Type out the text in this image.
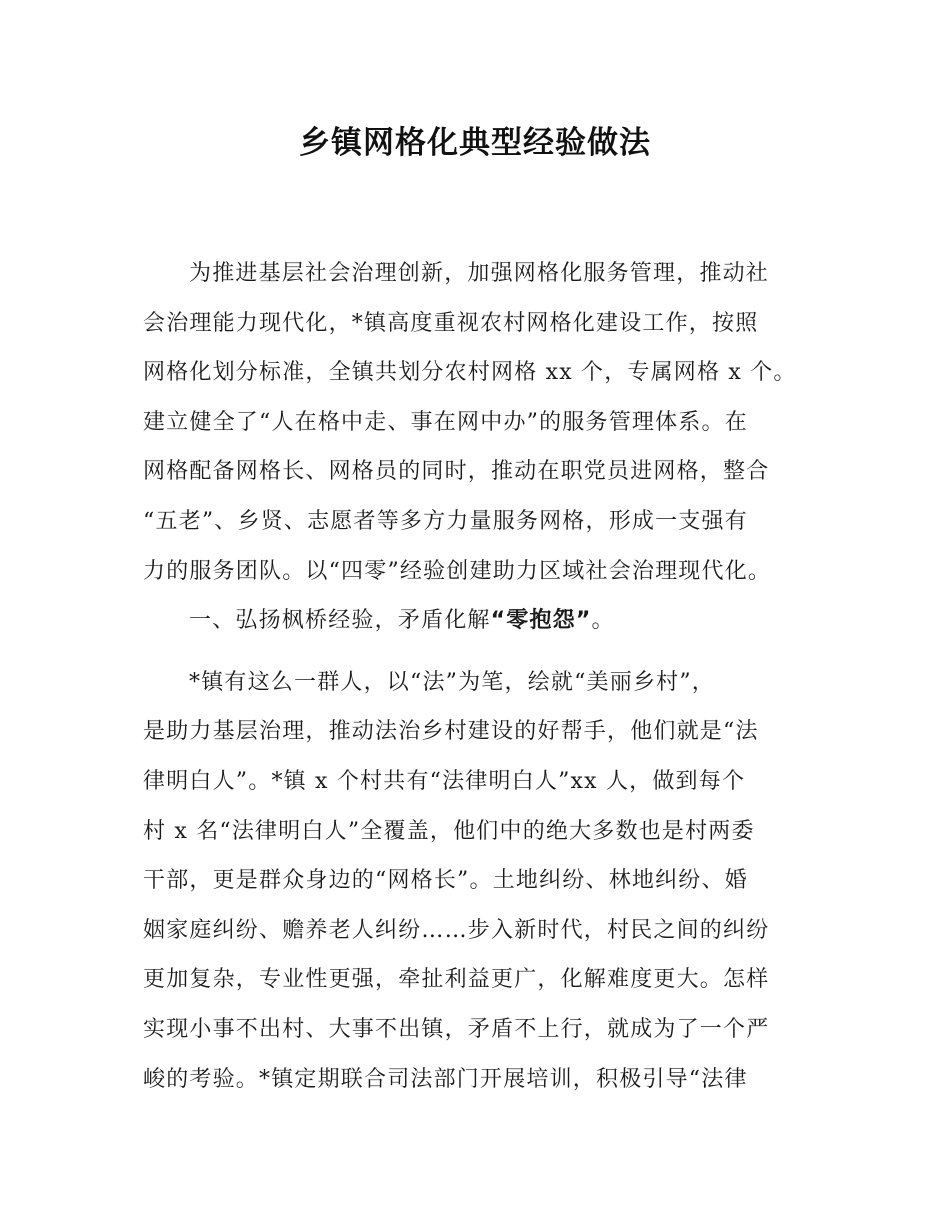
乡镇网格化典型经验做法
为推进基层社会治理创新，加强网格化服务管理，推动社
会治理能力现代化，*镇高度重视农村网格化建设工作，按照
网格化划分标准，全镇共划分农村网格 xx 个，专属网格 x 个。
建立健全了“人在格中走、事在网中办”的服务管理体系。在
网格配备网格长、网格员的同时，推动在职党员进网格，整合
“五老”、乡贤、志愿者等多方力量服务网格，形成一支强有
力的服务团队。以“四零”经验创建助力区域社会治理现代化。
一、弘扬枫桥经验，矛盾化解“零抱怨”。
*镇有这么一群人，以“法”为笔，绘就“美丽乡村”，
是助力基层治理，推动法治乡村建设的好帮手，他们就是“法
律明白人”。*镇 x 个村共有“法律明白人”xx 人，做到每个
村 x 名“法律明白人”全覆盖，他们中的绝大多数也是村两委
干部，更是群众身边的“网格长”。土地纠纷、林地纠纷、婚
姻家庭纠纷、赡养老人纠纷……步入新时代，村民之间的纠纷
更加复杂，专业性更强，牵扯利益更广，化解难度更大。怎样
实现小事不出村、大事不出镇，矛盾不上行，就成为了一个严
峻的考验。*镇定期联合司法部门开展培训，积极引导“法律
